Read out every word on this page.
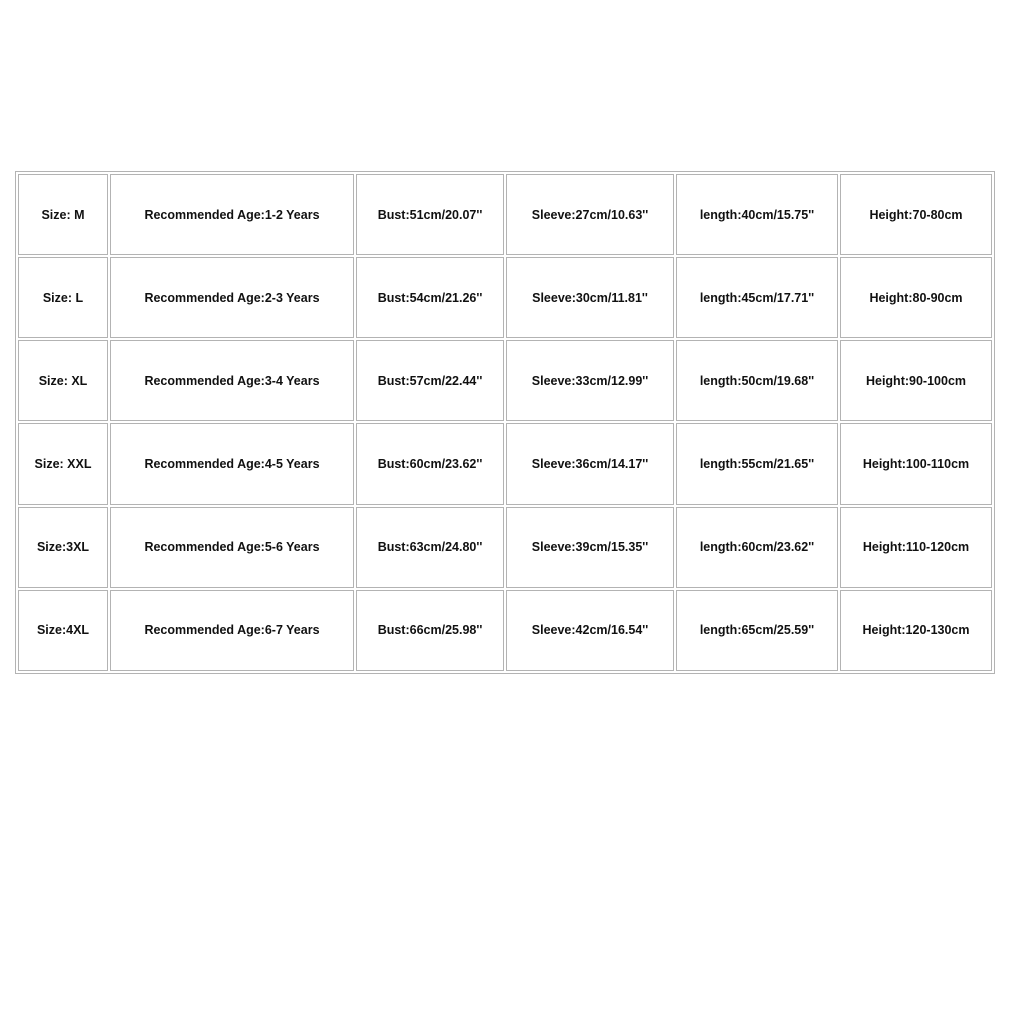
Size: M	Recommended Age:1-2 Years	Bust:51cm/20.07''	Sleeve:27cm/10.63''	length:40cm/15.75''	Height:70-80cm
Size: L	Recommended Age:2-3 Years	Bust:54cm/21.26''	Sleeve:30cm/11.81''	length:45cm/17.71''	Height:80-90cm
Size: XL	Recommended Age:3-4 Years	Bust:57cm/22.44''	Sleeve:33cm/12.99''	length:50cm/19.68''	Height:90-100cm
Size: XXL	Recommended Age:4-5 Years	Bust:60cm/23.62''	Sleeve:36cm/14.17''	length:55cm/21.65''	Height:100-110cm
Size:3XL	Recommended Age:5-6 Years	Bust:63cm/24.80''	Sleeve:39cm/15.35''	length:60cm/23.62''	Height:110-120cm
Size:4XL	Recommended Age:6-7 Years	Bust:66cm/25.98''	Sleeve:42cm/16.54''	length:65cm/25.59''	Height:120-130cm
